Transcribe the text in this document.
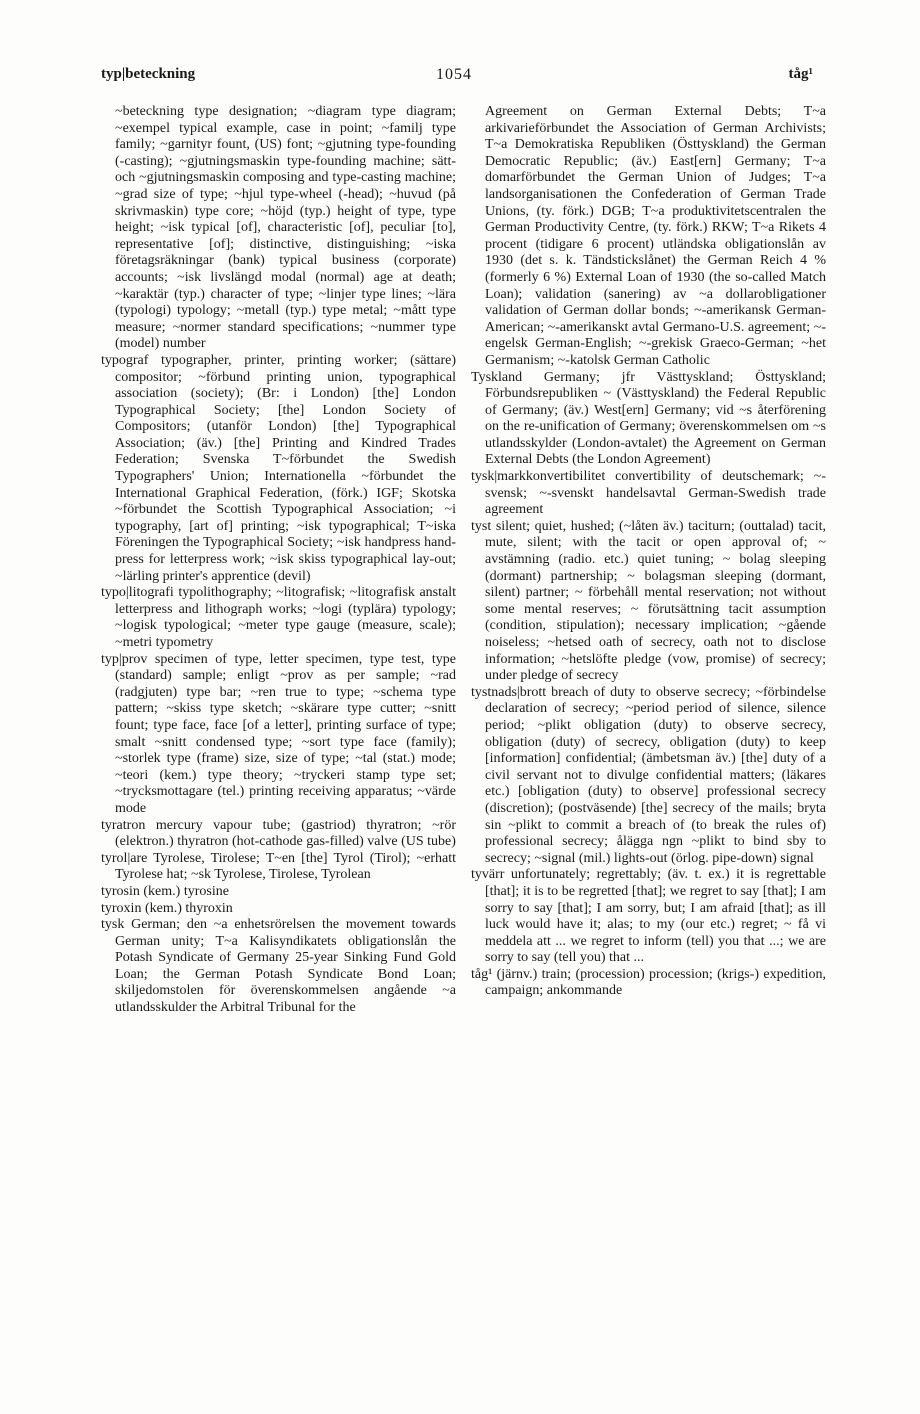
typ|beteckning	1054	tåg¹
~beteckning type designation; ~diagram type diagram; ~exempel typical example, case in point; ~familj type family; ~garnityr fount, (US) font; ~gjutning type-founding (-casting); ~gjutningsmaskin type-founding machine; sätt- och ~gjutningsmaskin composing and type-casting machine; ~grad size of type; ~hjul type-wheel (-head); ~huvud (på skrivmaskin) type core; ~höjd (typ.) height of type, type height; ~isk typical [of], characteristic [of], peculiar [to], representative [of]; distinctive, distinguishing; ~iska företagsräkningar (bank) typical business (corporate) accounts; ~isk livslängd modal (normal) age at death; ~karaktär (typ.) character of type; ~linjer type lines; ~lära (typologi) typology; ~metall (typ.) type metal; ~mått type measure; ~normer standard specifications; ~nummer type (model) number
typograf typographer, printer, printing worker; (sättare) compositor; ~förbund printing union, typographical association (society); (Br: i London) [the] London Typographical Society; [the] London Society of Compositors; (utanför London) [the] Typographical Association; (äv.) [the] Printing and Kindred Trades Federation; Svenska T~förbundet the Swedish Typographers' Union; Internationella ~förbundet the International Graphical Federation, (förk.) IGF; Skotska ~förbundet the Scottish Typographical Association; ~i typography, [art of] printing; ~isk typographical; T~iska Föreningen the Typographical Society; ~isk handpress hand-press for letterpress work; ~isk skiss typographical lay-out; ~lärling printer's apprentice (devil)
typo|litografi typolithography; ~litografisk; ~litografisk anstalt letterpress and lithograph works; ~logi (typlära) typology; ~logisk typological; ~meter type gauge (measure, scale); ~metri typometry
typ|prov specimen of type, letter specimen, type test, type (standard) sample; enligt ~prov as per sample; ~rad (radgjuten) type bar; ~ren true to type; ~schema type pattern; ~skiss type sketch; ~skärare type cutter; ~snitt fount; type face, face [of a letter], printing surface of type; smalt ~snitt condensed type; ~sort type face (family); ~storlek type (frame) size, size of type; ~tal (stat.) mode; ~teori (kem.) type theory; ~tryckeri stamp type set; ~trycksmottagare (tel.) printing receiving apparatus; ~värde mode
tyratron mercury vapour tube; (gastriod) thyratron; ~rör (elektron.) thyratron (hot-cathode gas-filled) valve (US tube)
tyrol|are Tyrolese, Tirolese; T~en [the] Tyrol (Tirol); ~erhatt Tyrolese hat; ~sk Tyrolese, Tirolese, Tyrolean
tyrosin (kem.) tyrosine
tyroxin (kem.) thyroxin
tysk German; den ~a enhetsrörelsen the movement towards German unity; T~a Kalisyndikatets obligationslån the Potash Syndicate of Germany 25-year Sinking Fund Gold Loan; the German Potash Syndicate Bond Loan; skiljedomstolen för överenskommelsen angående ~a utlandsskulder the Arbitral Tribunal for the
Agreement on German External Debts; T~a arkivarieförbundet the Association of German Archivists; T~a Demokratiska Republiken (Östtyskland) the German Democratic Republic; (äv.) East[ern] Germany; T~a domarförbundet the German Union of Judges; T~a landsorganisationen the Confederation of German Trade Unions, (ty. förk.) DGB; T~a produktivitetscentralen the German Productivity Centre, (ty. förk.) RKW; T~a Rikets 4 procent (tidigare 6 procent) utländska obligationslån av 1930 (det s. k. Tändstickslånet) the German Reich 4 % (formerly 6 %) External Loan of 1930 (the so-called Match Loan); validation (sanering) av ~a dollarobligationer validation of German dollar bonds; ~-amerikansk German-American; ~-amerikanskt avtal Germano-U.S. agreement; ~-engelsk German-English; ~-grekisk Graeco-German; ~het Germanism; ~-katolsk German Catholic
Tyskland Germany; jfr Västtyskland; Östtyskland; Förbundsrepubliken ~ (Västtyskland) the Federal Republic of Germany; (äv.) West[ern] Germany; vid ~s återförening on the re-unification of Germany; överenskommelsen om ~s utlandsskylder (London-avtalet) the Agreement on German External Debts (the London Agreement)
tysk|markkonvertibilitet convertibility of deutschemark; ~-svensk; ~-svenskt handelsavtal German-Swedish trade agreement
tyst silent; quiet, hushed; (~låten äv.) taciturn; (outtalad) tacit, mute, silent; with the tacit or open approval of; ~ avstämning (radio. etc.) quiet tuning; ~ bolag sleeping (dormant) partnership; ~ bolagsman sleeping (dormant, silent) partner; ~ förbehåll mental reservation; not without some mental reserves; ~ förutsättning tacit assumption (condition, stipulation); necessary implication; ~gående noiseless; ~hetsed oath of secrecy, oath not to disclose information; ~hetslöfte pledge (vow, promise) of secrecy; under pledge of secrecy
tystnads|brott breach of duty to observe secrecy; ~förbindelse declaration of secrecy; ~period period of silence, silence period; ~plikt obligation (duty) to observe secrecy, obligation (duty) of secrecy, obligation (duty) to keep [information] confidential; (ämbetsman äv.) [the] duty of a civil servant not to divulge confidential matters; (läkares etc.) [obligation (duty) to observe] professional secrecy (discretion); (postväsende) [the] secrecy of the mails; bryta sin ~plikt to commit a breach of (to break the rules of) professional secrecy; ålägga ngn ~plikt to bind sby to secrecy; ~signal (mil.) lights-out (örlog. pipe-down) signal
tyvärr unfortunately; regrettably; (äv. t. ex.) it is regrettable [that]; it is to be regretted [that]; we regret to say [that]; I am sorry to say [that]; I am sorry, but; I am afraid [that]; as ill luck would have it; alas; to my (our etc.) regret; ~ få vi meddela att ... we regret to inform (tell) you that ...; we are sorry to say (tell you) that ...
tåg¹ (järnv.) train; (procession) procession; (krigs-) expedition, campaign; ankommande
